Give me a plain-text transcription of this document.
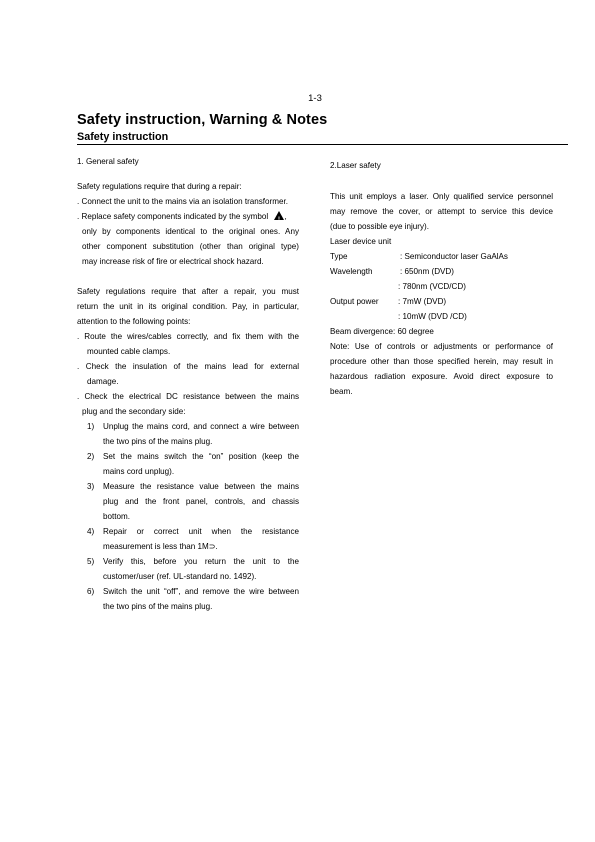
1-3
Safety instruction, Warning & Notes
Safety instruction
1. General safety
Safety regulations require that during a repair:
. Connect the unit to the mains via an isolation transformer.
. Replace safety components indicated by the symbol ! ,
only by components identical to the original ones. Any
other component substitution (other than original type)
may increase risk of fire or electrical shock hazard.
Safety regulations require that after a repair, you must
return the unit in its original condition. Pay, in particular,
attention to the following points:
. Route the wires/cables correctly, and fix them with the
mounted cable clamps.
. Check the insulation of the mains lead for external
damage.
. Check the electrical DC resistance between the mains
plug and the secondary side:
1) Unplug the mains cord, and connect a wire between
the two pins of the mains plug.
2) Set the mains switch the “on” position (keep the
mains cord unplug).
3) Measure the resistance value between the mains
plug and the front panel, controls, and chassis
bottom.
4) Repair or correct unit when the resistance
measurement is less than 1M⊃.
5) Verify this, before you return the unit to the
customer/user (ref. UL-standard no. 1492).
6) Switch the unit “off”, and remove the wire between
the two pins of the mains plug.
2.Laser safety
This unit employs a laser. Only qualified service personnel
may remove the cover, or attempt to service this device
(due to possible eye injury).
Laser device unit
Type	: Semiconductor laser GaAlAs
Wavelength	: 650nm (DVD)
: 780nm (VCD/CD)
Output power : 7mW (DVD)
: 10mW (DVD /CD)
Beam divergence: 60 degree
Note: Use of controls or adjustments or performance of
procedure other than those specified herein, may result in
hazardous radiation exposure. Avoid direct exposure to
beam.
